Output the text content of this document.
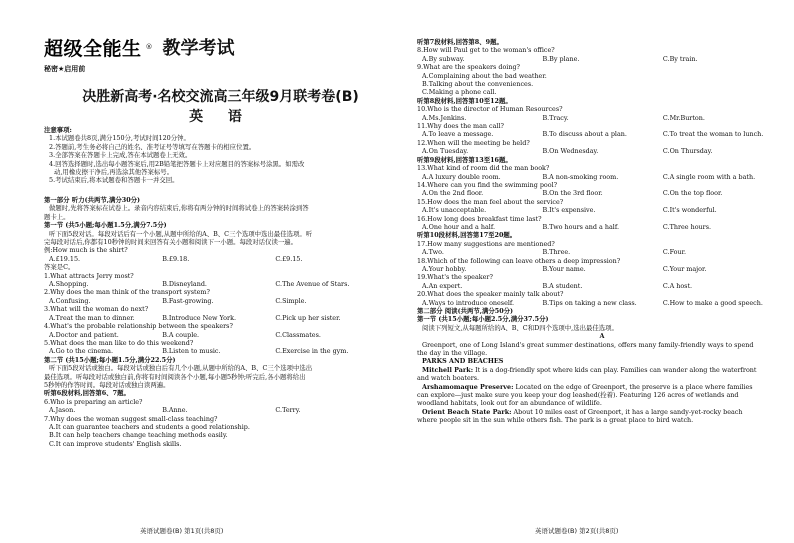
超级全能生 ® 教学考试
秘密★启用前
决胜新高考·名校交流高三年级9月联考卷(B)
英 语

注意事项:

1.本试题卷共8页,满分150分,考试时间120分钟。

2.答题前,考生务必将自己的姓名、准考证号等填写在答题卡的相应位置。

3.全部答案在答题卡上完成,答在本试题卷上无效。

4.回答选择题时,选出每小题答案后,用2B铅笔把答题卡上对应题目的答案标号涂黑。如需改

动,用橡皮擦干净后,再选涂其他答案标号。

5.考试结束后,将本试题卷和答题卡一并交回。

第一部分 听力(共两节,满分30分)

做题时,先将答案标在试卷上。录音内容结束后,你将有两分钟的时间将试卷上的答案转涂到答

题卡上。

第一节 (共5小题;每小题1.5分,满分7.5分)

听下面5段对话。每段对话后有一个小题,从题中所给的A、B、C三个选项中选出最佳选项。听

完每段对话后,你都有10秒钟的时间来回答有关小题和阅读下一小题。每段对话仅读一遍。

例:How much is the shirt?

A.£19.15.	B.£9.18.	C.£9.15.

答案是C。

1.What attracts Jerry most?

A.Shopping.	B.Disneyland.	C.The Avenue of Stars.

2.Why does the man think of the transport system?

A.Confusing.	B.Fast-growing.	C.Simple.

3.What will the woman do next?

A.Treat the man to dinner.	B.Introduce New York.	C.Pick up her sister.

4.What's the probable relationship between the speakers?

A.Doctor and patient.	B.A couple.	C.Classmates.

5.What does the man like to do this weekend?

A.Go to the cinema.	B.Listen to music.	C.Exercise in the gym.

第二节 (共15小题;每小题1.5分,满分22.5分)

听下面5段对话或独白。每段对话或独白后有几个小题,从题中所给的A、B、C三个选项中选出

最佳选项。听每段对话或独白前,你将有时间阅读各个小题,每小题5秒钟;听完后,各小题将给出

5秒钟的作答时间。每段对话或独白读两遍。

听第6段材料,回答第6、7题。

6.Who is preparing an article?

A.Jason.	B.Anne.	C.Terry.

7.Why does the woman suggest small-class teaching?

A.It can guarantee teachers and students a good relationship.

B.It can help teachers change teaching methods easily.

C.It can improve students' English skills.

英语试题卷(B) 第1页(共8页)

听第7段材料,回答第8、9题。

8.How will Paul get to the woman's office?

A.By subway.	B.By plane.	C.By train.

9.What are the speakers doing?

A.Complaining about the bad weather.

B.Talking about the conveniences.

C.Making a phone call.

听第8段材料,回答第10至12题。

10.Who is the director of Human Resources?

A.Ms.Jenkins.	B.Tracy.	C.Mr.Burton.

11.Why does the man call?

A.To leave a message.	B.To discuss about a plan.	C.To treat the woman to lunch.

12.When will the meeting be held?

A.On Tuesday.	B.On Wednesday.	C.On Thursday.

听第9段材料,回答第13至16题。

13.What kind of room did the man book?

A.A luxury double room.	B.A non-smoking room.	C.A single room with a bath.

14.Where can you find the swimming pool?

A.On the 2nd floor.	B.On the 3rd floor.	C.On the top floor.

15.How does the man feel about the service?

A.It's unacceptable.	B.It's expensive.	C.It's wonderful.

16.How long does breakfast time last?

A.One hour and a half.	B.Two hours and a half.	C.Three hours.

听第10段材料,回答第17至20题。

17.How many suggestions are mentioned?

A.Two.	B.Three.	C.Four.

18.Which of the following can leave others a deep impression?

A.Your hobby.	B.Your name.	C.Your major.

19.What's the speaker?

A.An expert.	B.A student.	C.A host.

20.What does the speaker mainly talk about?

A.Ways to introduce oneself.	B.Tips on taking a new class.	C.How to make a good speech.

第二部分 阅读(共两节,满分50分)

第一节 (共15小题;每小题2.5分,满分37.5分)

阅读下列短文,从每题所给的A、B、C和D四个选项中,选出最佳选项。

A

Greenport, one of Long Island's great summer destinations, offers many family-friendly ways to spend

the day in the village.

PARKS AND BEACHES

Mitchell Park: It is a dog-friendly spot where kids can play. Families can wander along the waterfront

and watch boaters.

Arshamomaque Preserve: Located on the edge of Greenport, the preserve is a place where families

can explore—just make sure you keep your dog leashed(拴着). Featuring 126 acres of wetlands and

woodland habitats, look out for an abundance of wildlife.

Orient Beach State Park: About 10 miles east of Greenport, it has a large sandy-yet-rocky beach

where people sit in the sun while others fish. The park is a great place to bird watch.

英语试题卷(B) 第2页(共8页)
